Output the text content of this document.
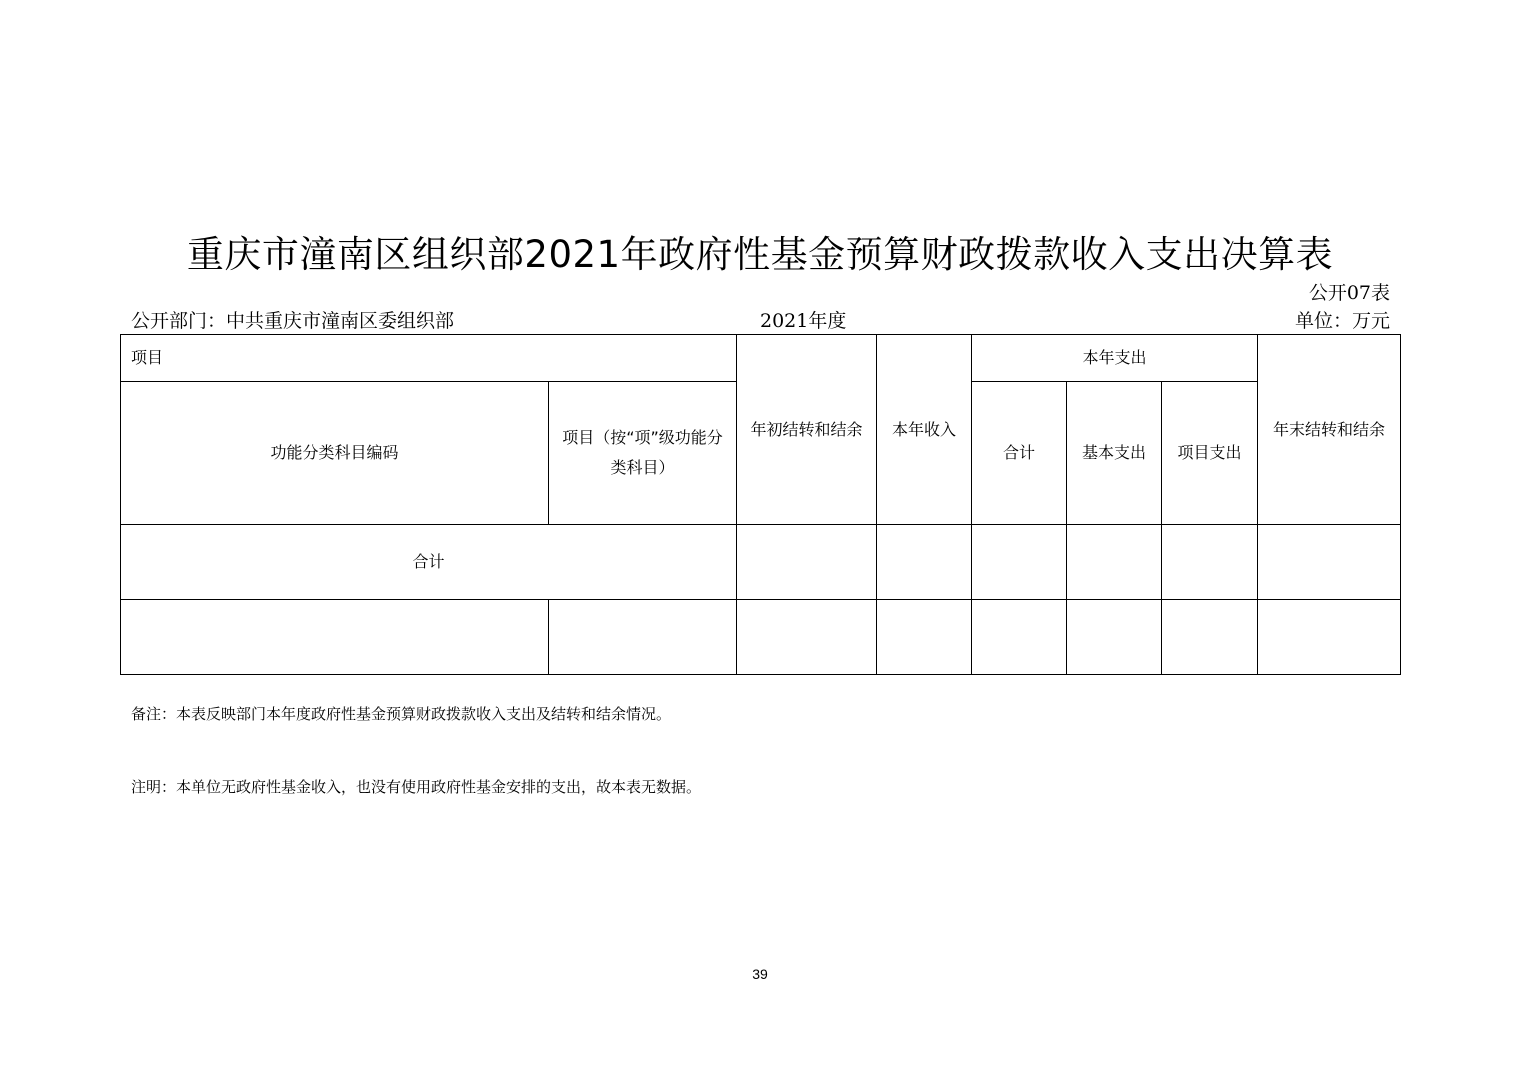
重庆市潼南区组织部2021年政府性基金预算财政拨款收入支出决算表
公开07表
公开部门：中共重庆市潼南区委组织部	2021年度	单位：万元
项目		年初结转和结余	本年收入	本年支出			年末结转和结余
功能分类科目编码	项目（按“项”级功能分类科目）			合计	基本支出	项目支出	
合计							

备注：本表反映部门本年度政府性基金预算财政拨款收入支出及结转和结余情况。
注明：本单位无政府性基金收入，也没有使用政府性基金安排的支出，故本表无数据。
39
